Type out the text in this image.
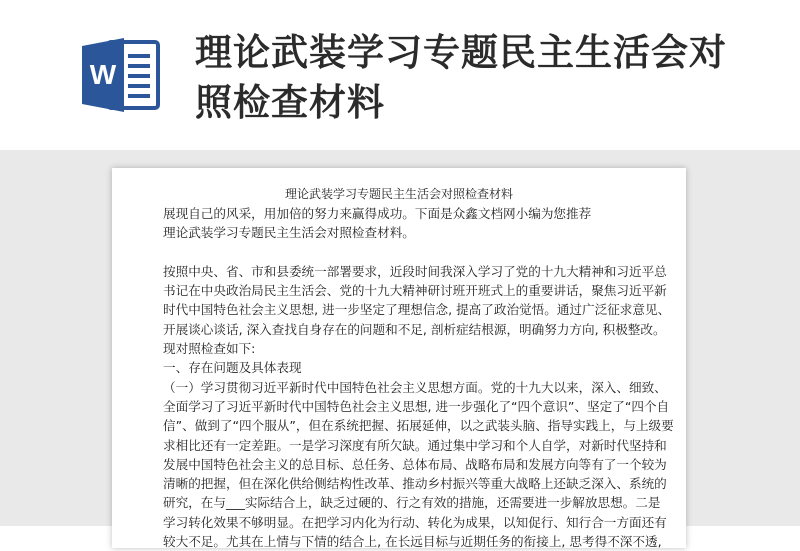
W
理论武装学习专题民主生活会对
照检查材料
理论武装学习专题民主生活会对照检查材料
展现自己的风采，用加倍的努力来赢得成功。下面是众鑫文档网小编为您推荐
理论武装学习专题民主生活会对照检查材料。
按照中央、省、市和县委统一部署要求，近段时间我深入学习了党的十九大精神和习近平总
书记在中央政治局民主生活会、党的十九大精神研讨班开班式上的重要讲话，聚焦习近平新
时代中国特色社会主义思想, 进一步坚定了理想信念, 提高了政治觉悟。通过广泛征求意见、
开展谈心谈话, 深入查找自身存在的问题和不足, 剖析症结根源，明确努力方向, 积极整改。
现对照检查如下:
一、存在问题及具体表现
（一）学习贯彻习近平新时代中国特色社会主义思想方面。党的十九大以来，深入、细致、
全面学习了习近平新时代中国特色社会主义思想, 进一步强化了“四个意识”、坚定了“四个自
信”、做到了“四个服从”，但在系统把握、拓展延伸，以之武装头脑、指导实践上，与上级要
求相比还有一定差距。一是学习深度有所欠缺。通过集中学习和个人自学，对新时代坚持和
发展中国特色社会主义的总目标、总任务、总体布局、战略布局和发展方向等有了一个较为
清晰的把握，但在深化供给侧结构性改革、推动乡村振兴等重大战略上还缺乏深入、系统的
研究，在与___实际结合上，缺乏过硬的、行之有效的措施，还需要进一步解放思想。二是
学习转化效果不够明显。在把学习内化为行动、转化为成果，以知促行、知行合一方面还有
较大不足。尤其在上情与下情的结合上, 在长远目标与近期任务的衔接上, 思考得不深不透,
